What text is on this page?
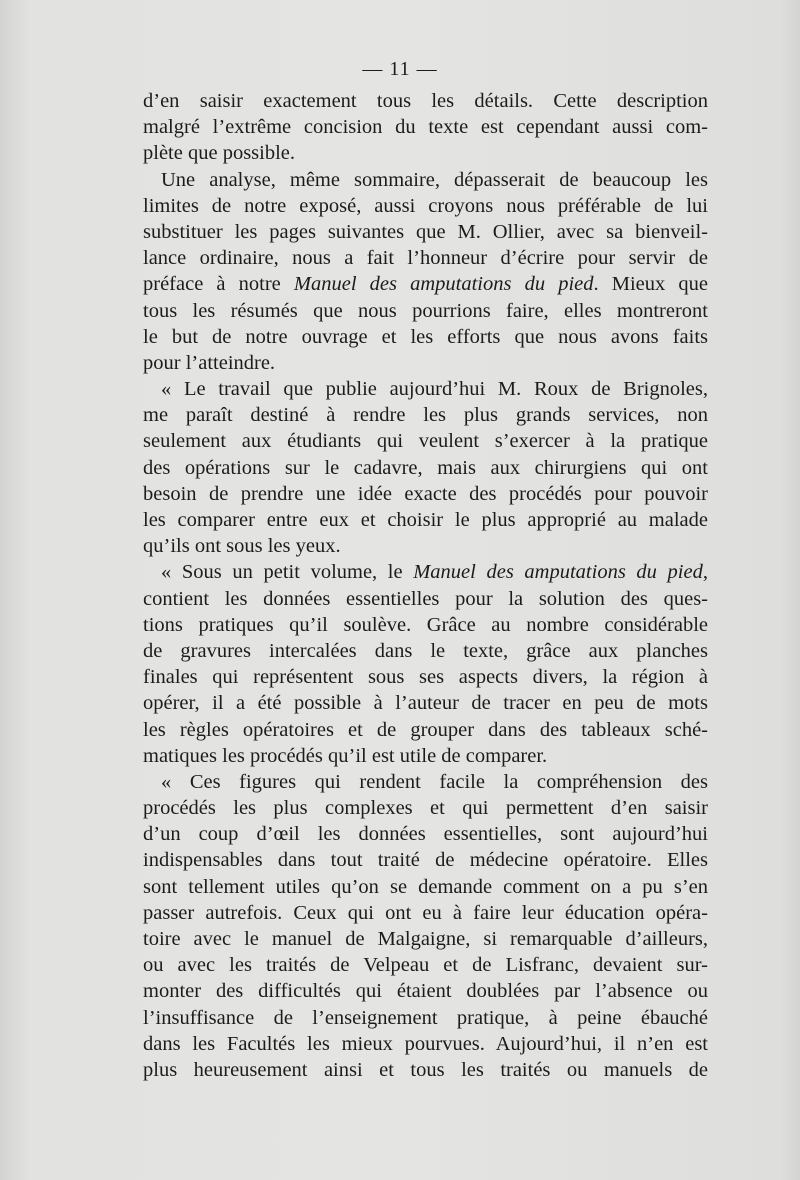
— 11 —
d’en saisir exactement tous les détails. Cette description
malgré l’extrême concision du texte est cependant aussi com-
plète que possible.
Une analyse, même sommaire, dépasserait de beaucoup les
limites de notre exposé, aussi croyons nous préférable de lui
substituer les pages suivantes que M. Ollier, avec sa bienveil-
lance ordinaire, nous a fait l’honneur d’écrire pour servir de
préface à notre Manuel des amputations du pied. Mieux que
tous les résumés que nous pourrions faire, elles montreront
le but de notre ouvrage et les efforts que nous avons faits
pour l’atteindre.
« Le travail que publie aujourd’hui M. Roux de Brignoles,
me paraît destiné à rendre les plus grands services, non
seulement aux étudiants qui veulent s’exercer à la pratique
des opérations sur le cadavre, mais aux chirurgiens qui ont
besoin de prendre une idée exacte des procédés pour pouvoir
les comparer entre eux et choisir le plus approprié au malade
qu’ils ont sous les yeux.
« Sous un petit volume, le Manuel des amputations du pied,
contient les données essentielles pour la solution des ques-
tions pratiques qu’il soulève. Grâce au nombre considérable
de gravures intercalées dans le texte, grâce aux planches
finales qui représentent sous ses aspects divers, la région à
opérer, il a été possible à l’auteur de tracer en peu de mots
les règles opératoires et de grouper dans des tableaux sché-
matiques les procédés qu’il est utile de comparer.
« Ces figures qui rendent facile la compréhension des
procédés les plus complexes et qui permettent d’en saisir
d’un coup d’œil les données essentielles, sont aujourd’hui
indispensables dans tout traité de médecine opératoire. Elles
sont tellement utiles qu’on se demande comment on a pu s’en
passer autrefois. Ceux qui ont eu à faire leur éducation opéra-
toire avec le manuel de Malgaigne, si remarquable d’ailleurs,
ou avec les traités de Velpeau et de Lisfranc, devaient sur-
monter des difficultés qui étaient doublées par l’absence ou
l’insuffisance de l’enseignement pratique, à peine ébauché
dans les Facultés les mieux pourvues. Aujourd’hui, il n’en est
plus heureusement ainsi et tous les traités ou manuels de
